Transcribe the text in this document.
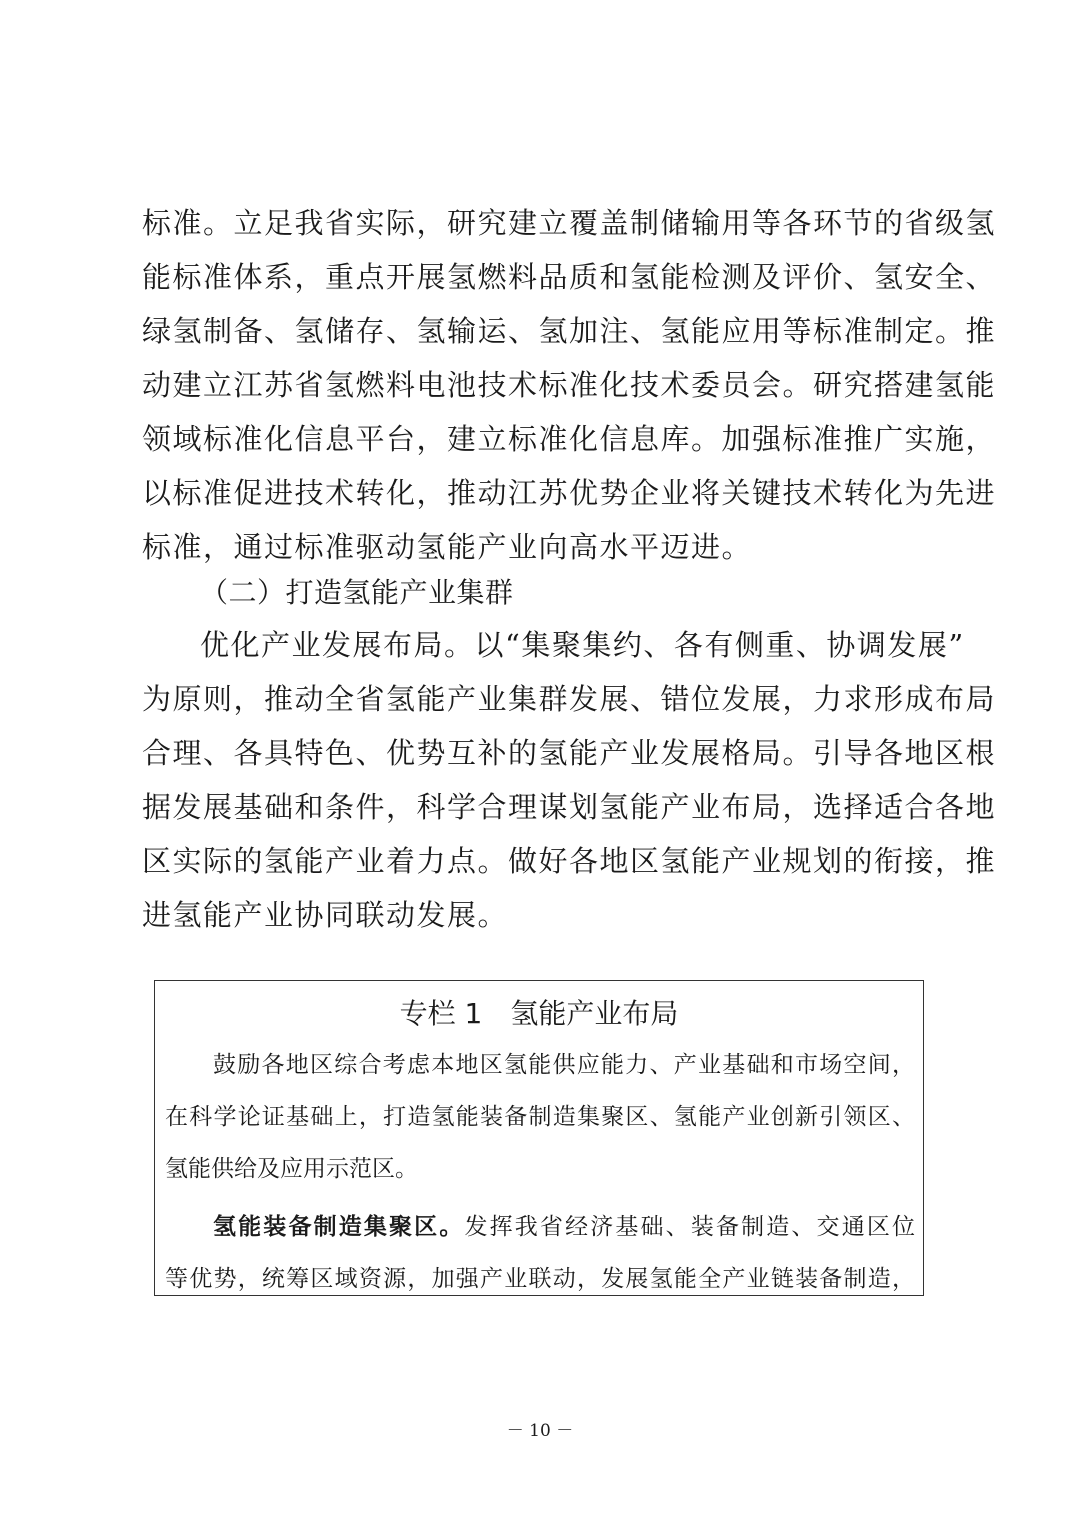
标准。立足我省实际，研究建立覆盖制储输用等各环节的省级氢
能标准体系，重点开展氢燃料品质和氢能检测及评价、氢安全、
绿氢制备、氢储存、氢输运、氢加注、氢能应用等标准制定。推
动建立江苏省氢燃料电池技术标准化技术委员会。研究搭建氢能
领域标准化信息平台，建立标准化信息库。加强标准推广实施，
以标准促进技术转化，推动江苏优势企业将关键技术转化为先进
标准，通过标准驱动氢能产业向高水平迈进。
（二）打造氢能产业集群
优化产业发展布局。以“集聚集约、各有侧重、协调发展”
为原则，推动全省氢能产业集群发展、错位发展，力求形成布局
合理、各具特色、优势互补的氢能产业发展格局。引导各地区根
据发展基础和条件，科学合理谋划氢能产业布局，选择适合各地
区实际的氢能产业着力点。做好各地区氢能产业规划的衔接，推
进氢能产业协同联动发展。
专栏 1　氢能产业布局
鼓励各地区综合考虑本地区氢能供应能力、产业基础和市场空间，
在科学论证基础上，打造氢能装备制造集聚区、氢能产业创新引领区、
氢能供给及应用示范区。
氢能装备制造集聚区。发挥我省经济基础、装备制造、交通区位
等优势，统筹区域资源，加强产业联动，发展氢能全产业链装备制造，
－ 10 －
